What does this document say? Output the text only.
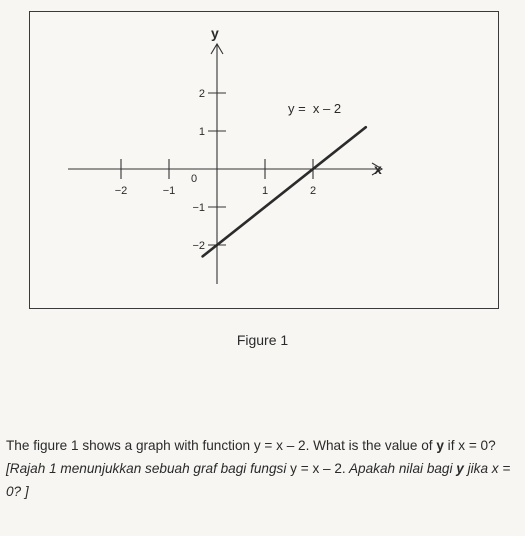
−2	−1	1	2
2
1
−1
−2
x
y
0
y =  x – 2
Figure 1

The figure 1 shows a graph with function y = x – 2. What is the value of y if x = 0?

[Rajah 1 menunjukkan sebuah graf bagi fungsi y = x – 2. Apakah nilai bagi y jika x = 0? ]
